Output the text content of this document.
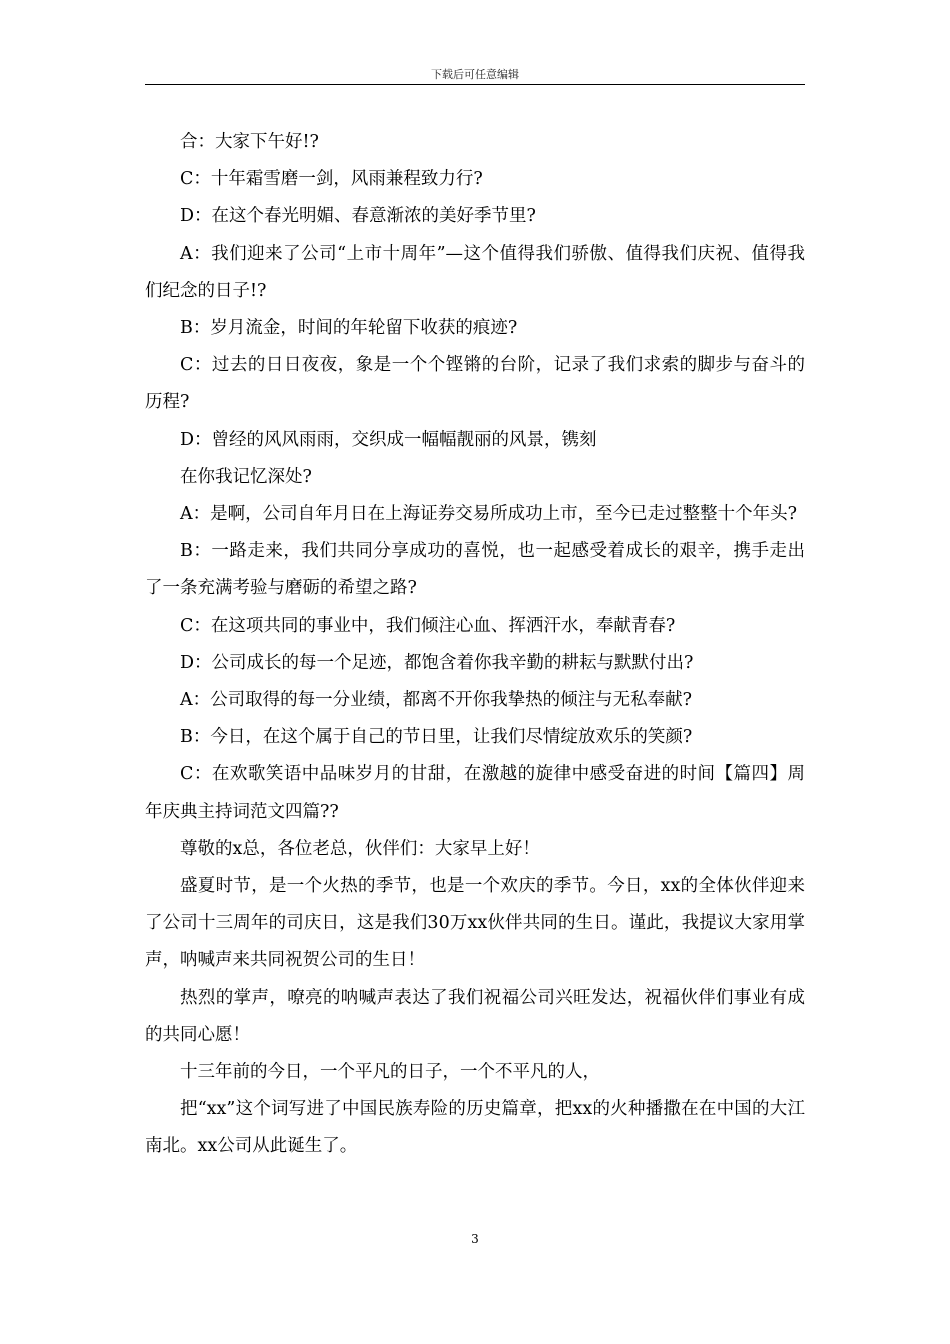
下载后可任意编辑

合：大家下午好!?

C：十年霜雪磨一剑，风雨兼程致力行?

D：在这个春光明媚、春意渐浓的美好季节里?

A：我们迎来了公司“上市十周年”—这个值得我们骄傲、值得我们庆祝、值得我们纪念的日子!?

B：岁月流金，时间的年轮留下收获的痕迹?

C：过去的日日夜夜，象是一个个铿锵的台阶，记录了我们求索的脚步与奋斗的历程?

D：曾经的风风雨雨，交织成一幅幅靓丽的风景，镌刻

在你我记忆深处?

A：是啊，公司自年月日在上海证券交易所成功上市，至今已走过整整十个年头?

B：一路走来，我们共同分享成功的喜悦，也一起感受着成长的艰辛，携手走出了一条充满考验与磨砺的希望之路?

C：在这项共同的事业中，我们倾注心血、挥洒汗水，奉献青春?

D：公司成长的每一个足迹，都饱含着你我辛勤的耕耘与默默付出?

A：公司取得的每一分业绩，都离不开你我挚热的倾注与无私奉献?

B：今日，在这个属于自己的节日里，让我们尽情绽放欢乐的笑颜?

C：在欢歌笑语中品味岁月的甘甜，在激越的旋律中感受奋进的时间【篇四】周年庆典主持词范文四篇??

尊敬的x总，各位老总，伙伴们：大家早上好！

盛夏时节，是一个火热的季节，也是一个欢庆的季节。今日，xx的全体伙伴迎来了公司十三周年的司庆日，这是我们30万xx伙伴共同的生日。谨此，我提议大家用掌声，呐喊声来共同祝贺公司的生日！

热烈的掌声，嘹亮的呐喊声表达了我们祝福公司兴旺发达，祝福伙伴们事业有成的共同心愿！

十三年前的今日，一个平凡的日子，一个不平凡的人，

把“xx”这个词写进了中国民族寿险的历史篇章，把xx的火种播撒在在中国的大江南北。xx公司从此诞生了。

3
